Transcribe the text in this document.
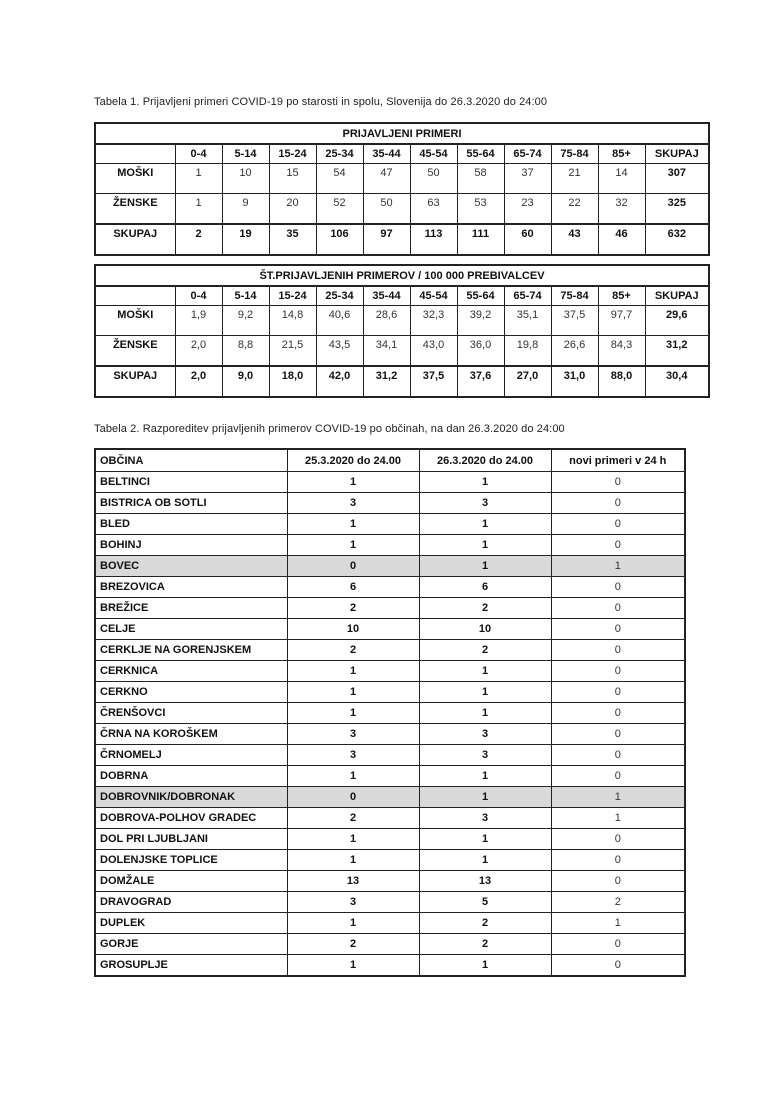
Tabela 1. Prijavljeni primeri COVID-19 po starosti in spolu, Slovenija do 26.3.2020 do 24:00
PRIJAVLJENI PRIMERI											
	0-4	5-14	15-24	25-34	35-44	45-54	55-64	65-74	75-84	85+	SKUPAJ
MOŠKI	1	10	15	54	47	50	58	37	21	14	307
ŽENSKE	1	9	20	52	50	63	53	23	22	32	325
SKUPAJ	2	19	35	106	97	113	111	60	43	46	632
ŠT.PRIJAVLJENIH PRIMEROV / 100 000 PREBIVALCEV											
	0-4	5-14	15-24	25-34	35-44	45-54	55-64	65-74	75-84	85+	SKUPAJ
MOŠKI	1,9	9,2	14,8	40,6	28,6	32,3	39,2	35,1	37,5	97,7	29,6
ŽENSKE	2,0	8,8	21,5	43,5	34,1	43,0	36,0	19,8	26,6	84,3	31,2
SKUPAJ	2,0	9,0	18,0	42,0	31,2	37,5	37,6	27,0	31,0	88,0	30,4
Tabela 2. Razporeditev prijavljenih primerov COVID-19 po občinah, na dan 26.3.2020 do 24:00
OBČINA	25.3.2020 do 24.00	26.3.2020 do 24.00	novi primeri v 24 h
BELTINCI	1	1	0
BISTRICA OB SOTLI	3	3	0
BLED	1	1	0
BOHINJ	1	1	0
BOVEC	0	1	1
BREZOVICA	6	6	0
BREŽICE	2	2	0
CELJE	10	10	0
CERKLJE NA GORENJSKEM	2	2	0
CERKNICA	1	1	0
CERKNO	1	1	0
ČRENŠOVCI	1	1	0
ČRNA NA KOROŠKEM	3	3	0
ČRNOMELJ	3	3	0
DOBRNA	1	1	0
DOBROVNIK/DOBRONAK	0	1	1
DOBROVA-POLHOV GRADEC	2	3	1
DOL PRI LJUBLJANI	1	1	0
DOLENJSKE TOPLICE	1	1	0
DOMŽALE	13	13	0
DRAVOGRAD	3	5	2
DUPLEK	1	2	1
GORJE	2	2	0
GROSUPLJE	1	1	0
